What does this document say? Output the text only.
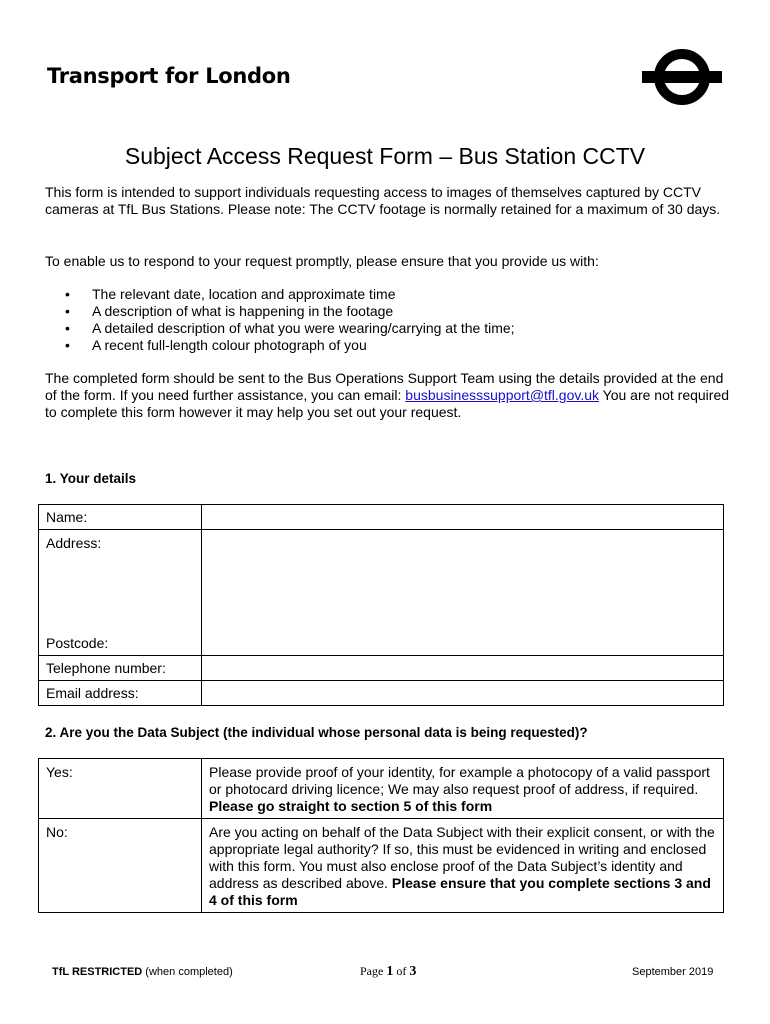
Transport for London
Subject Access Request Form – Bus Station CCTV

This form is intended to support individuals requesting access to images of themselves captured by CCTV cameras at TfL Bus Stations. Please note: The CCTV footage is normally retained for a maximum of 30 days.

To enable us to respond to your request promptly, please ensure that you provide us with:

• The relevant date, location and approximate time
• A description of what is happening in the footage
• A detailed description of what you were wearing/carrying at the time;
• A recent full-length colour photograph of you

The completed form should be sent to the Bus Operations Support Team using the details provided at the end of the form. If you need further assistance, you can email: busbusinesssupport@tfl.gov.uk You are not required to complete this form however it may help you set out your request.

1. Your details
Name:	

Address:
Postcode:	

Telephone number:	
Email address:	
2. Are you the Data Subject (the individual whose personal data is being requested)?
Yes:	Please provide proof of your identity, for example a photocopy of a valid passport or photocard driving licence; We may also request proof of address, if required. Please go straight to section 5 of this form
No:	Are you acting on behalf of the Data Subject with their explicit consent, or with the appropriate legal authority? If so, this must be evidenced in writing and enclosed with this form. You must also enclose proof of the Data Subject’s identity and address as described above. Please ensure that you complete sections 3 and 4 of this form
TfL RESTRICTED (when completed)	Page 1 of 3	September 2019
